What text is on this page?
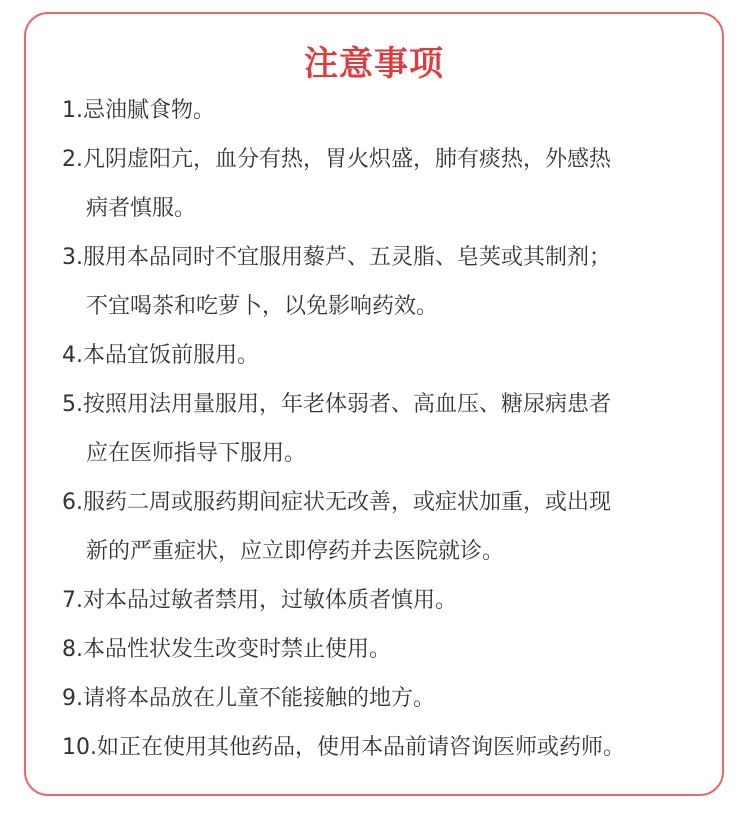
注意事项
1.忌油腻食物。
2.凡阴虚阳亢，血分有热，胃火炽盛，肺有痰热，外感热
病者慎服。
3.服用本品同时不宜服用藜芦、五灵脂、皂荚或其制剂；
不宜喝茶和吃萝卜，以免影响药效。
4.本品宜饭前服用。
5.按照用法用量服用，年老体弱者、高血压、糖尿病患者
应在医师指导下服用。
6.服药二周或服药期间症状无改善，或症状加重，或出现
新的严重症状，应立即停药并去医院就诊。
7.对本品过敏者禁用，过敏体质者慎用。
8.本品性状发生改变时禁止使用。
9.请将本品放在儿童不能接触的地方。
10.如正在使用其他药品，使用本品前请咨询医师或药师。
